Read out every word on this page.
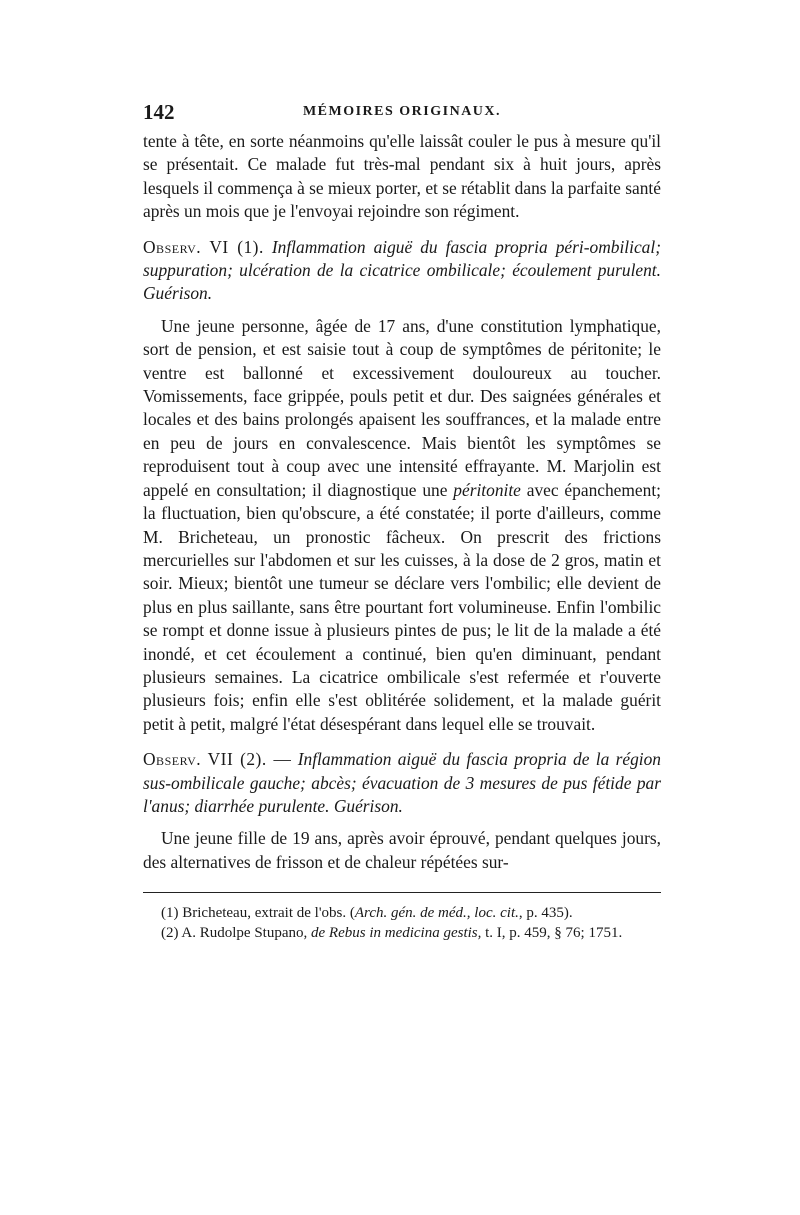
142	MÉMOIRES ORIGINAUX.

tente à tête, en sorte néanmoins qu'elle laissât couler le pus à mesure qu'il se présentait. Ce malade fut très-mal pendant six à huit jours, après lesquels il commença à se mieux porter, et se rétablit dans la parfaite santé après un mois que je l'envoyai rejoindre son régiment.

Observ. VI (1). Inflammation aiguë du fascia propria péri-ombilical; suppuration; ulcération de la cicatrice ombilicale; écoulement purulent. Guérison.

Une jeune personne, âgée de 17 ans, d'une constitution lymphatique, sort de pension, et est saisie tout à coup de symptômes de péritonite; le ventre est ballonné et excessivement douloureux au toucher. Vomissements, face grippée, pouls petit et dur. Des saignées générales et locales et des bains prolongés apaisent les souffrances, et la malade entre en peu de jours en convalescence. Mais bientôt les symptômes se reproduisent tout à coup avec une intensité effrayante. M. Marjolin est appelé en consultation; il diagnostique une péritonite avec épanchement; la fluctuation, bien qu'obscure, a été constatée; il porte d'ailleurs, comme M. Bricheteau, un pronostic fâcheux. On prescrit des frictions mercurielles sur l'abdomen et sur les cuisses, à la dose de 2 gros, matin et soir. Mieux; bientôt une tumeur se déclare vers l'ombilic; elle devient de plus en plus saillante, sans être pourtant fort volumineuse. Enfin l'ombilic se rompt et donne issue à plusieurs pintes de pus; le lit de la malade a été inondé, et cet écoulement a continué, bien qu'en diminuant, pendant plusieurs semaines. La cicatrice ombilicale s'est refermée et r'ouverte plusieurs fois; enfin elle s'est oblitérée solidement, et la malade guérit petit à petit, malgré l'état désespérant dans lequel elle se trouvait.

Observ. VII (2). — Inflammation aiguë du fascia propria de la région sus-ombilicale gauche; abcès; évacuation de 3 mesures de pus fétide par l'anus; diarrhée purulente. Guérison.

Une jeune fille de 19 ans, après avoir éprouvé, pendant quelques jours, des alternatives de frisson et de chaleur répétées sur-

(1) Bricheteau, extrait de l'obs. (Arch. gén. de méd., loc. cit., p. 435).

(2) A. Rudolpe Stupano, de Rebus in medicina gestis, t. I, p. 459, § 76; 1751.
